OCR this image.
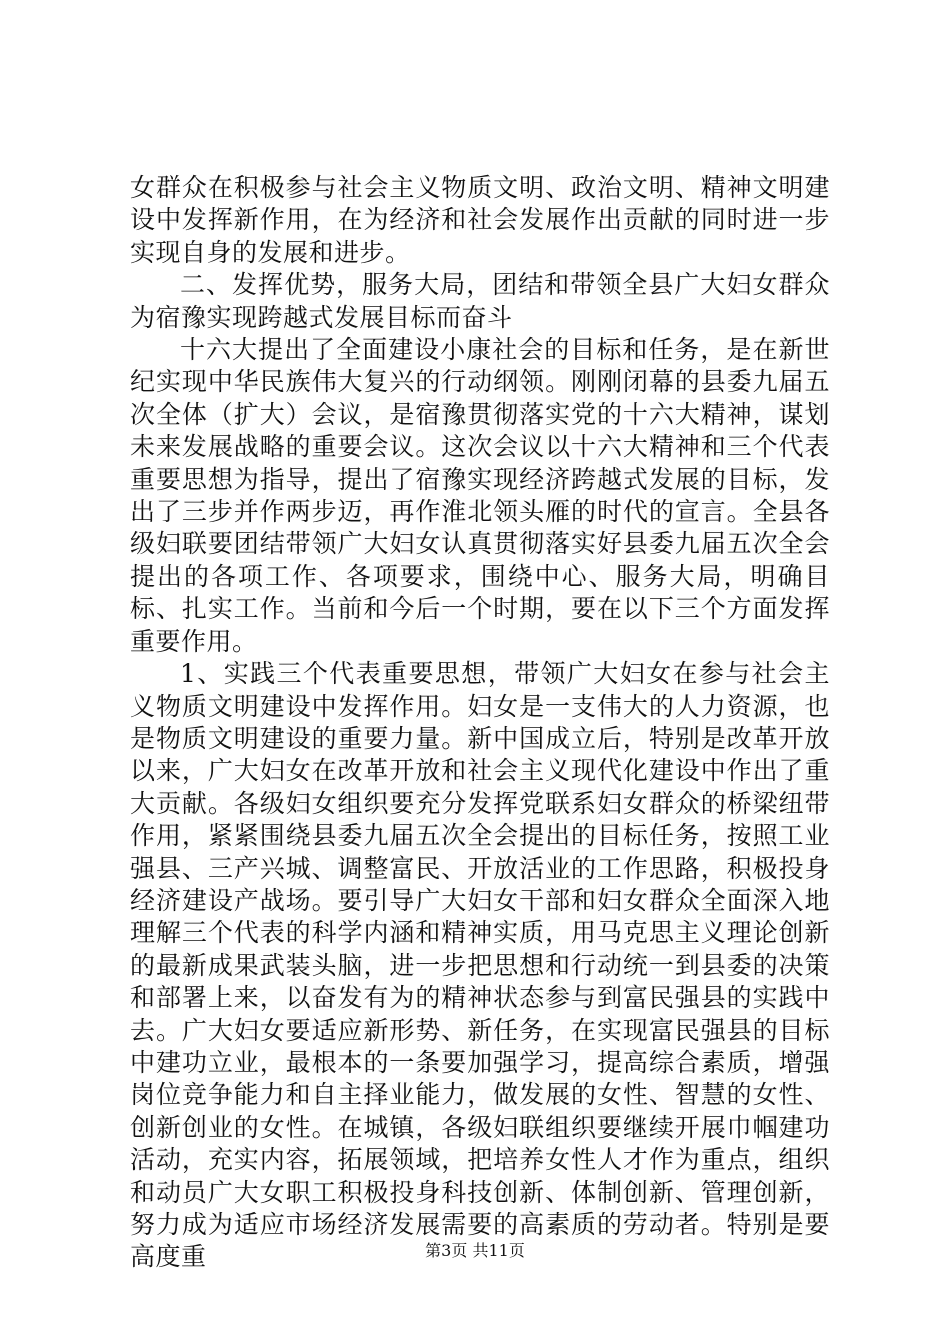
女群众在积极参与社会主义物质文明、政治文明、精神文明建设中发挥新作用，在为经济和社会发展作出贡献的同时进一步实现自身的发展和进步。

二、发挥优势，服务大局，团结和带领全县广大妇女群众为宿豫实现跨越式发展目标而奋斗

十六大提出了全面建设小康社会的目标和任务，是在新世纪实现中华民族伟大复兴的行动纲领。刚刚闭幕的县委九届五次全体（扩大）会议，是宿豫贯彻落实党的十六大精神，谋划未来发展战略的重要会议。这次会议以十六大精神和三个代表重要思想为指导，提出了宿豫实现经济跨越式发展的目标，发出了三步并作两步迈，再作淮北领头雁的时代的宣言。全县各级妇联要团结带领广大妇女认真贯彻落实好县委九届五次全会提出的各项工作、各项要求，围绕中心、服务大局，明确目标、扎实工作。当前和今后一个时期，要在以下三个方面发挥重要作用。

1、实践三个代表重要思想，带领广大妇女在参与社会主义物质文明建设中发挥作用。妇女是一支伟大的人力资源，也是物质文明建设的重要力量。新中国成立后，特别是改革开放以来，广大妇女在改革开放和社会主义现代化建设中作出了重大贡献。各级妇女组织要充分发挥党联系妇女群众的桥梁纽带作用，紧紧围绕县委九届五次全会提出的目标任务，按照工业强县、三产兴城、调整富民、开放活业的工作思路，积极投身经济建设产战场。要引导广大妇女干部和妇女群众全面深入地理解三个代表的科学内涵和精神实质，用马克思主义理论创新的最新成果武装头脑，进一步把思想和行动统一到县委的决策和部署上来，以奋发有为的精神状态参与到富民强县的实践中去。广大妇女要适应新形势、新任务，在实现富民强县的目标中建功立业，最根本的一条要加强学习，提高综合素质，增强岗位竞争能力和自主择业能力，做发展的女性、智慧的女性、创新创业的女性。在城镇，各级妇联组织要继续开展巾帼建功活动，充实内容，拓展领域，把培养女性人才作为重点，组织和动员广大女职工积极投身科技创新、体制创新、管理创新，努力成为适应市场经济发展需要的高素质的劳动者。特别是要高度重	第3页 共11页
